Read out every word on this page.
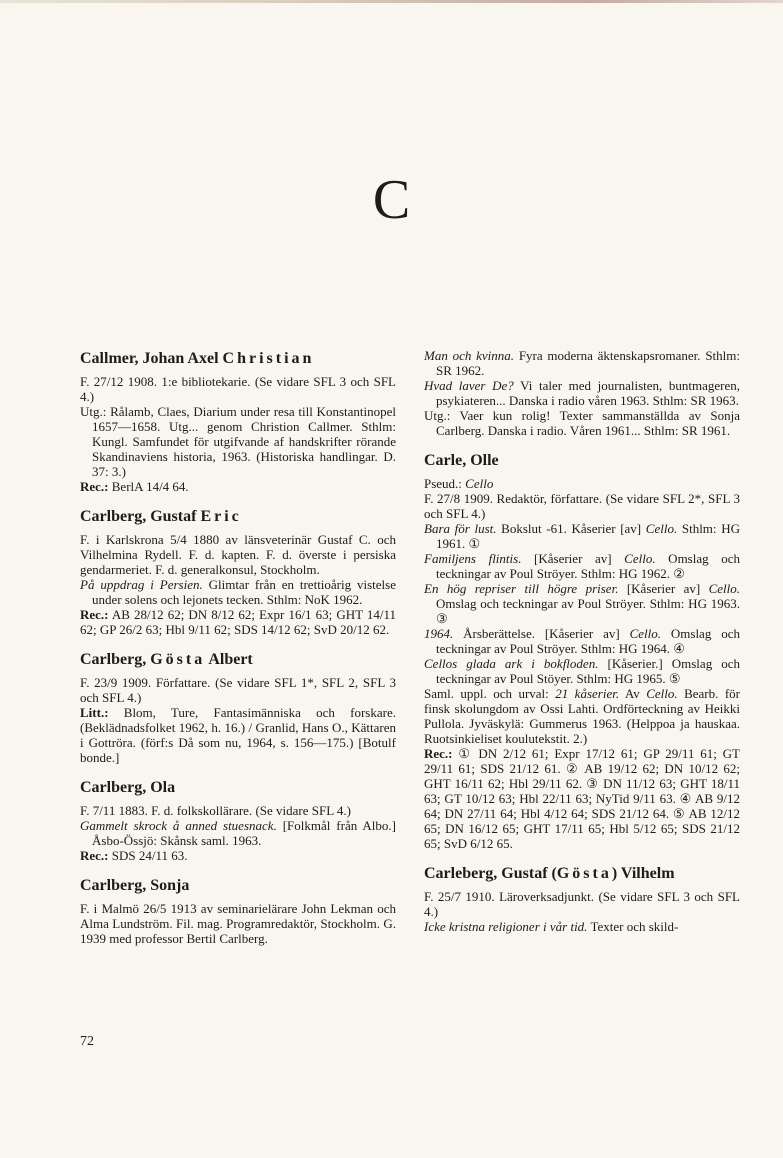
C
Callmer, Johan Axel Christian

F. 27/12 1908. 1:e bibliotekarie. (Se vidare SFL 3 och SFL 4.)

Utg.: Rålamb, Claes, Diarium under resa till Konstantinopel 1657—1658. Utg... genom Christion Callmer. Sthlm: Kungl. Samfundet för utgifvande af handskrifter rörande Skandinaviens historia, 1963. (Historiska handlingar. D. 37: 3.)

Rec.: BerlA 14/4 64.

Carlberg, Gustaf Eric

F. i Karlskrona 5/4 1880 av länsveterinär Gustaf C. och Vilhelmina Rydell. F. d. kapten. F. d. överste i persiska gendarmeriet. F. d. generalkonsul, Stockholm.

På uppdrag i Persien. Glimtar från en trettioårig vistelse under solens och lejonets tecken. Sthlm: NoK 1962.

Rec.: AB 28/12 62; DN 8/12 62; Expr 16/1 63; GHT 14/11 62; GP 26/2 63; Hbl 9/11 62; SDS 14/12 62; SvD 20/12 62.

Carlberg, Gösta Albert

F. 23/9 1909. Författare. (Se vidare SFL 1*, SFL 2, SFL 3 och SFL 4.)

Litt.: Blom, Ture, Fantasimänniska och forskare. (Beklädnadsfolket 1962, h. 16.) / Granlid, Hans O., Kättaren i Gottröra. (förf:s Då som nu, 1964, s. 156—175.) [Botulf bonde.]

Carlberg, Ola

F. 7/11 1883. F. d. folkskollärare. (Se vidare SFL 4.)

Gammelt skrock å anned stuesnack. [Folkmål från Albo.] Åsbo-Össjö: Skånsk saml. 1963.

Rec.: SDS 24/11 63.

Carlberg, Sonja

F. i Malmö 26/5 1913 av seminarielärare John Lekman och Alma Lundström. Fil. mag. Programredaktör, Stockholm. G. 1939 med professor Bertil Carlberg.

Man och kvinna. Fyra moderna äktenskapsromaner. Sthlm: SR 1962.

Hvad laver De? Vi taler med journalisten, buntmageren, psykiateren... Danska i radio våren 1963. Sthlm: SR 1963.

Utg.: Vaer kun rolig! Texter sammanställda av Sonja Carlberg. Danska i radio. Våren 1961... Sthlm: SR 1961.

Carle, Olle

Pseud.: Cello

F. 27/8 1909. Redaktör, författare. (Se vidare SFL 2*, SFL 3 och SFL 4.)

Bara för lust. Bokslut -61. Kåserier [av] Cello. Sthlm: HG 1961. ①

Familjens flintis. [Kåserier av] Cello. Omslag och teckningar av Poul Ströyer. Sthlm: HG 1962. ②

En hög repriser till högre priser. [Kåserier av] Cello. Omslag och teckningar av Poul Ströyer. Sthlm: HG 1963. ③

1964. Årsberättelse. [Kåserier av] Cello. Omslag och teckningar av Poul Ströyer. Sthlm: HG 1964. ④

Cellos glada ark i bokfloden. [Kåserier.] Omslag och teckningar av Poul Stöyer. Sthlm: HG 1965. ⑤

Saml. uppl. och urval: 21 kåserier. Av Cello. Bearb. för finsk skolungdom av Ossi Lahti. Ordförteckning av Heikki Pullola. Jyväskylä: Gummerus 1963. (Helppoa ja hauskaa. Ruotsinkieliset koulutekstit. 2.)

Rec.: ① DN 2/12 61; Expr 17/12 61; GP 29/11 61; GT 29/11 61; SDS 21/12 61. ② AB 19/12 62; DN 10/12 62; GHT 16/11 62; Hbl 29/11 62. ③ DN 11/12 63; GHT 18/11 63; GT 10/12 63; Hbl 22/11 63; NyTid 9/11 63. ④ AB 9/12 64; DN 27/11 64; Hbl 4/12 64; SDS 21/12 64. ⑤ AB 12/12 65; DN 16/12 65; GHT 17/11 65; Hbl 5/12 65; SDS 21/12 65; SvD 6/12 65.

Carleberg, Gustaf (Gösta) Vilhelm

F. 25/7 1910. Läroverksadjunkt. (Se vidare SFL 3 och SFL 4.)

Icke kristna religioner i vår tid. Texter och skild-

72
